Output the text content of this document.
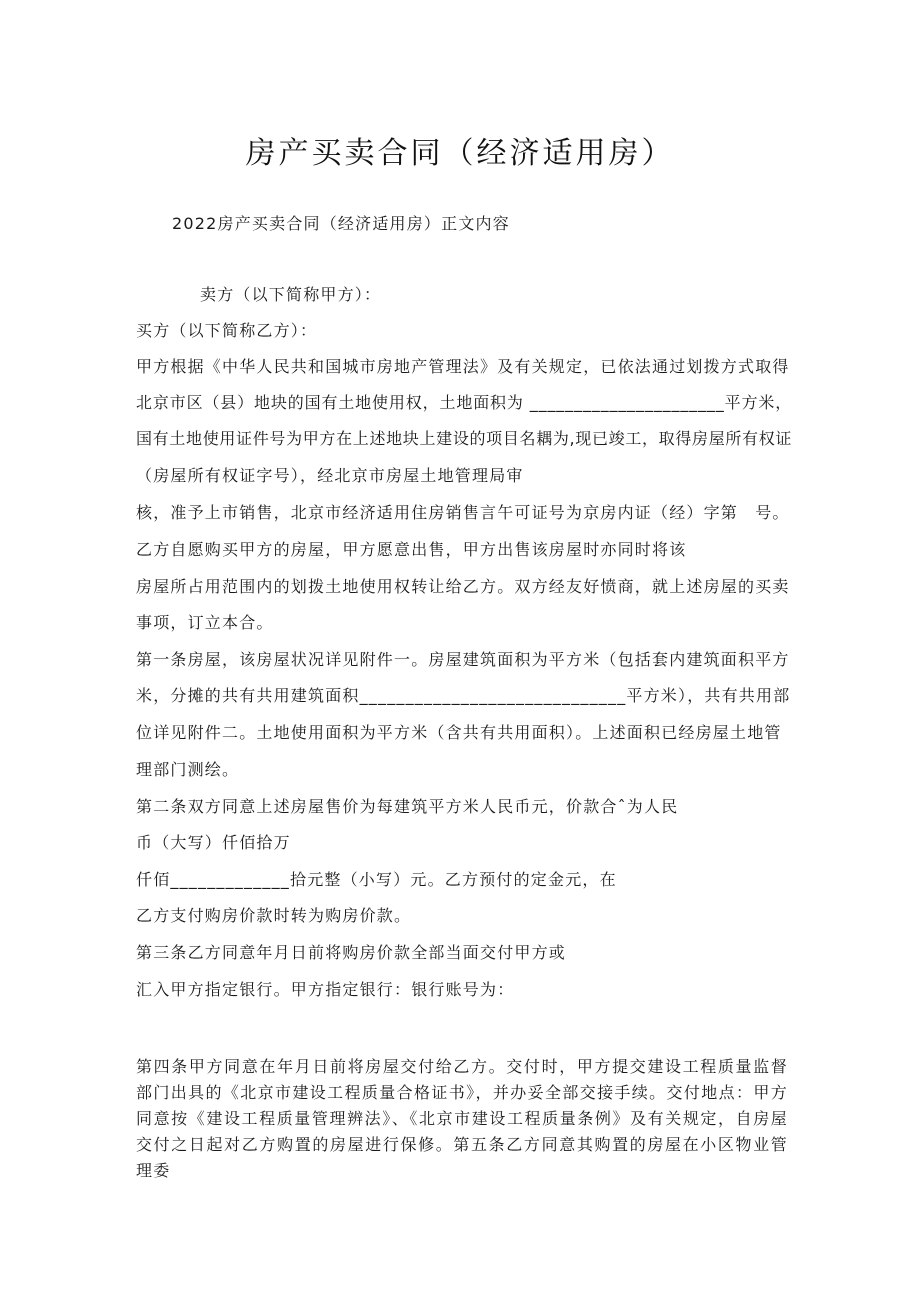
房产买卖合同（经济适用房）
2022房产买卖合同（经济适用房）正文内容
卖方（以下简称甲方）：
买方（以下简称乙方）：
甲方根据《中华人民共和国城市房地产管理法》及有关规定，已依法通过划拨方式取得
北京市区（县）地块的国有土地使用权，土地面积为 ______________________平方米，
国有土地使用证件号为甲方在上述地块上建设的项目名耦为,现已竣工，取得房屋所有权证
（房屋所有权证字号），经北京市房屋土地管理局审
核，准予上市销售，北京市经济适用住房销售言午可证号为京房内证（经）字第　号。
乙方自愿购买甲方的房屋，甲方愿意出售，甲方出售该房屋时亦同时将该
房屋所占用范围内的划拨土地使用权转让给乙方。双方经友好愤商，就上述房屋的买卖
事项，订立本合。
第一条房屋，该房屋状况详见附件一。房屋建筑面积为平方米（包括套内建筑面积平方
米，分摊的共有共用建筑面积_____________________________平方米），共有共用部
位详见附件二。土地使用面积为平方米（含共有共用面积）。上述面积已经房屋土地管
理部门测绘。
第二条双方同意上述房屋售价为每建筑平方米人民币元，价款合ˆ为人民
币（大写）仟佰拾万
仟佰_____________拾元整（小写）元。乙方预付的定金元，在
乙方支付购房价款时转为购房价款。
第三条乙方同意年月日前将购房价款全部当面交付甲方或
汇入甲方指定银行。甲方指定银行：银行账号为：
第四条甲方同意在年月日前将房屋交付给乙方。交付时，甲方提交建设工程质量监督部门出具的《北京市建设工程质量合格证书》，并办妥全部交接手续。交付地点：甲方同意按《建设工程质量管理辨法》、《北京市建设工程质量条例》及有关规定，自房屋交付之日起对乙方购置的房屋进行保修。第五条乙方同意其购置的房屋在小区物业管理委
